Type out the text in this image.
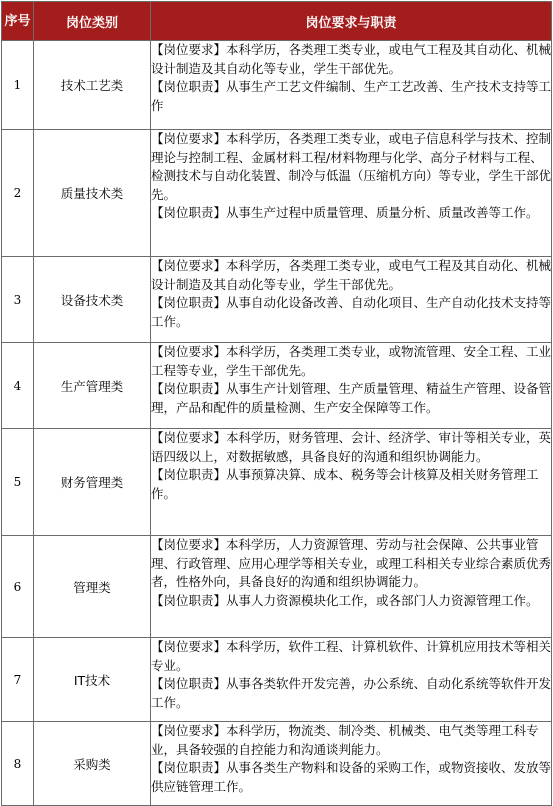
序号	岗位类别	岗位要求与职责
1	技术工艺类	【岗位要求】本科学历，各类理工类专业，或电气工程及其自动化、机械设计制造及其自动化等专业，学生干部优先。

【岗位职责】从事生产工艺文件编制、生产工艺改善、生产技术支持等工作

2	质量技术类	【岗位要求】本科学历，各类理工类专业，或电子信息科学与技术、控制理论与控制工程、金属材料工程/材料物理与化学、高分子材料与工程、检测技术与自动化装置、制冷与低温（压缩机方向）等专业，学生干部优先。

【岗位职责】从事生产过程中质量管理、质量分析、质量改善等工作。

3	设备技术类	【岗位要求】本科学历，各类理工类专业，或电气工程及其自动化、机械设计制造及其自动化等专业，学生干部优先。

【岗位职责】从事自动化设备改善、自动化项目、生产自动化技术支持等工作。

4	生产管理类	【岗位要求】本科学历，各类理工类专业，或物流管理、安全工程、工业工程等专业，学生干部优先。

【岗位职责】从事生产计划管理、生产质量管理、精益生产管理、设备管理，产品和配件的质量检测、生产安全保障等工作。

5	财务管理类	【岗位要求】本科学历，财务管理、会计、经济学、审计等相关专业，英语四级以上，对数据敏感，具备良好的沟通和组织协调能力。

【岗位职责】从事预算决算、成本、税务等会计核算及相关财务管理工作。

6	管理类	【岗位要求】本科学历，人力资源管理、劳动与社会保障、公共事业管理、行政管理、应用心理学等相关专业，或理工科相关专业综合素质优秀者，性格外向，具备良好的沟通和组织协调能力。

【岗位职责】从事人力资源模块化工作，或各部门人力资源管理工作。

7	IT技术	【岗位要求】本科学历，软件工程、计算机软件、计算机应用技术等相关专业。

【岗位职责】从事各类软件开发完善，办公系统、自动化系统等软件开发工作。

8	采购类	【岗位要求】本科学历，物流类、制冷类、机械类、电气类等理工科专业，具备较强的自控能力和沟通谈判能力。

【岗位职责】从事各类生产物料和设备的采购工作，或物资接收、发放等供应链管理工作。
